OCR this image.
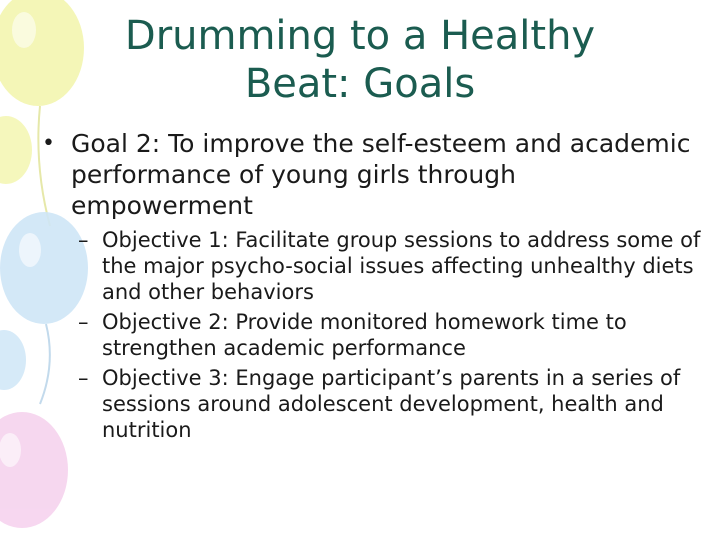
Drumming to a Healthy
Beat: Goals
• Goal 2: To improve the self-esteem and academic performance of young girls through empowerment
– Objective 1: Facilitate group sessions to address some of the major psycho-social issues affecting unhealthy diets and other behaviors
– Objective 2: Provide monitored homework time to strengthen academic performance
– Objective 3: Engage participant’s parents in a series of sessions around adolescent development, health and nutrition
